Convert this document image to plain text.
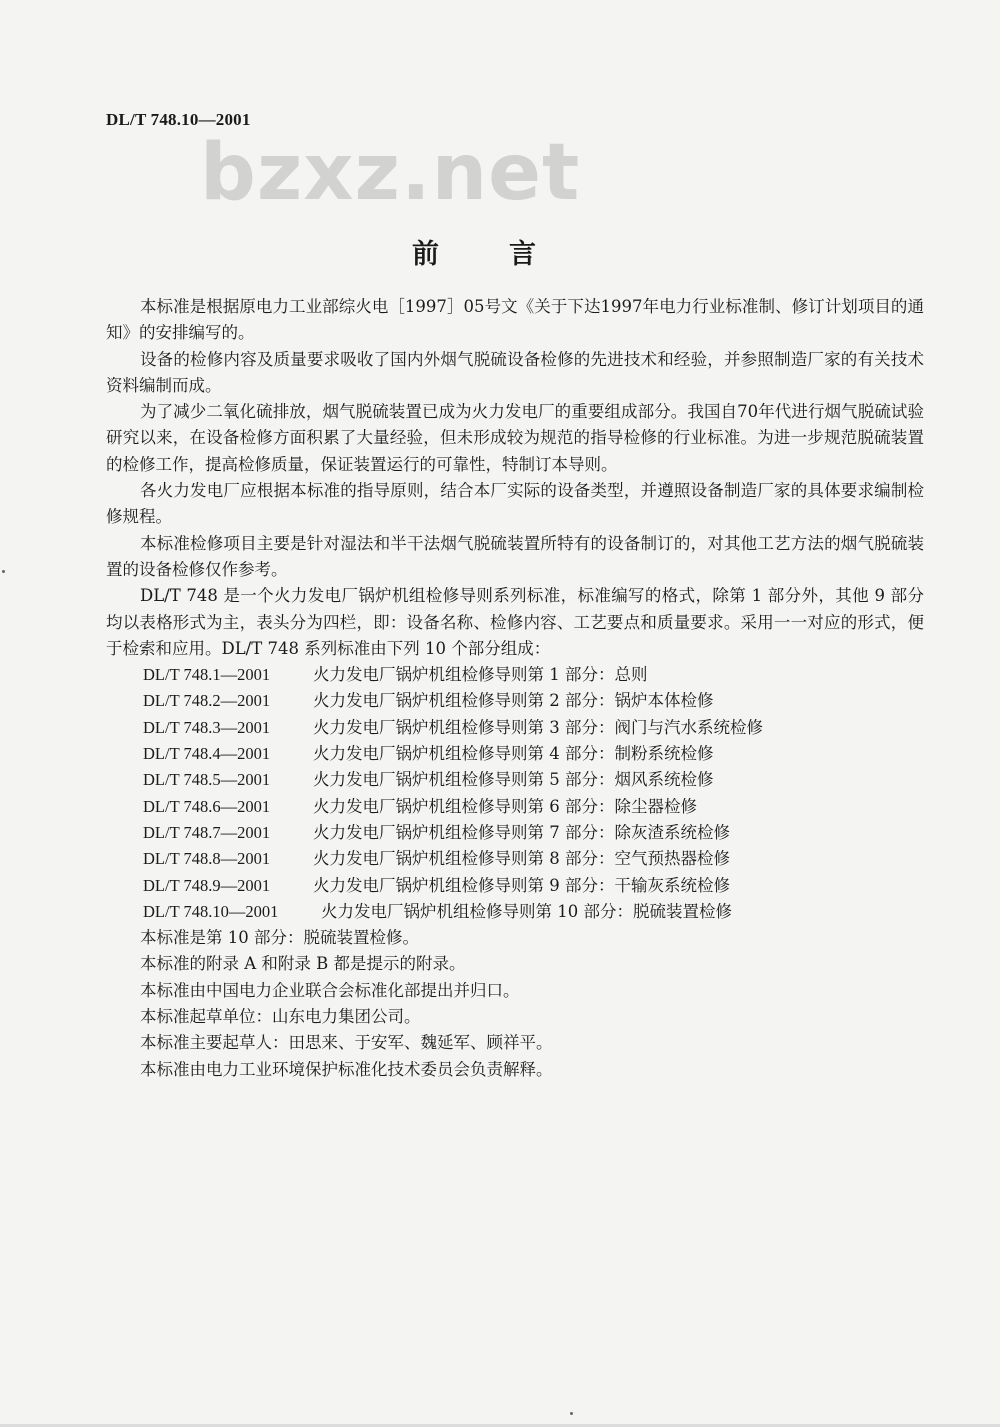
DL/T 748.10—2001
bzxz.net
前言

本标准是根据原电力工业部综火电［1997］05号文《关于下达1997年电力行业标准制、修订计划项目的通知》的安排编写的。

设备的检修内容及质量要求吸收了国内外烟气脱硫设备检修的先进技术和经验，并参照制造厂家的有关技术资料编制而成。

为了减少二氧化硫排放，烟气脱硫装置已成为火力发电厂的重要组成部分。我国自70年代进行烟气脱硫试验研究以来，在设备检修方面积累了大量经验，但未形成较为规范的指导检修的行业标准。为进一步规范脱硫装置的检修工作，提高检修质量，保证装置运行的可靠性，特制订本导则。

各火力发电厂应根据本标准的指导原则，结合本厂实际的设备类型，并遵照设备制造厂家的具体要求编制检修规程。

本标准检修项目主要是针对湿法和半干法烟气脱硫装置所特有的设备制订的，对其他工艺方法的烟气脱硫装置的设备检修仅作参考。

DL/T 748 是一个火力发电厂锅炉机组检修导则系列标准，标准编写的格式，除第 1 部分外，其他 9 部分均以表格形式为主，表头分为四栏，即：设备名称、检修内容、工艺要点和质量要求。采用一一对应的形式，便于检索和应用。DL/T 748 系列标准由下列 10 个部分组成：

DL/T 748.1—2001	火力发电厂锅炉机组检修导则第 1 部分：总则
DL/T 748.2—2001	火力发电厂锅炉机组检修导则第 2 部分：锅炉本体检修
DL/T 748.3—2001	火力发电厂锅炉机组检修导则第 3 部分：阀门与汽水系统检修
DL/T 748.4—2001	火力发电厂锅炉机组检修导则第 4 部分：制粉系统检修
DL/T 748.5—2001	火力发电厂锅炉机组检修导则第 5 部分：烟风系统检修
DL/T 748.6—2001	火力发电厂锅炉机组检修导则第 6 部分：除尘器检修
DL/T 748.7—2001	火力发电厂锅炉机组检修导则第 7 部分：除灰渣系统检修
DL/T 748.8—2001	火力发电厂锅炉机组检修导则第 8 部分：空气预热器检修
DL/T 748.9—2001	火力发电厂锅炉机组检修导则第 9 部分：干输灰系统检修
DL/T 748.10—2001	火力发电厂锅炉机组检修导则第 10 部分：脱硫装置检修

本标准是第 10 部分：脱硫装置检修。

本标准的附录 A 和附录 B 都是提示的附录。

本标准由中国电力企业联合会标准化部提出并归口。

本标准起草单位：山东电力集团公司。

本标准主要起草人：田思来、于安军、魏延军、顾祥平。

本标准由电力工业环境保护标准化技术委员会负责解释。
